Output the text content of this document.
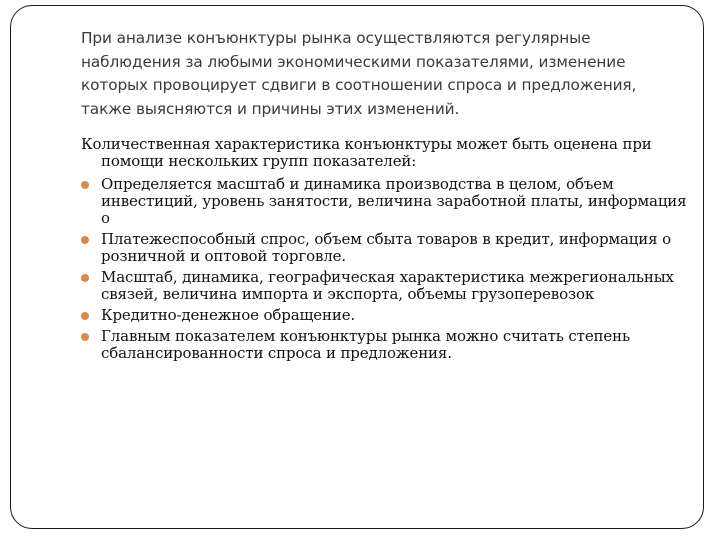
При анализе конъюнктуры рынка осуществляются регулярные наблюдения за любыми экономическими показателями, изменение которых провоцирует сдвиги в соотношении спроса и предложения, также выясняются и причины этих изменений.

Количественная характеристика конъюнктуры может быть оценена при помощи нескольких групп показателей:

Определяется масштаб и динамика производства в целом, объем инвестиций, уровень занятости, величина заработной платы, информация о
Платежеспособный спрос, объем сбыта товаров в кредит, информация о розничной и оптовой торговле.
Масштаб, динамика, географическая характеристика межрегиональных связей, величина импорта и экспорта, объемы грузоперевозок
Кредитно-денежное обращение.
Главным показателем конъюнктуры рынка можно считать степень сбалансированности спроса и предложения.
